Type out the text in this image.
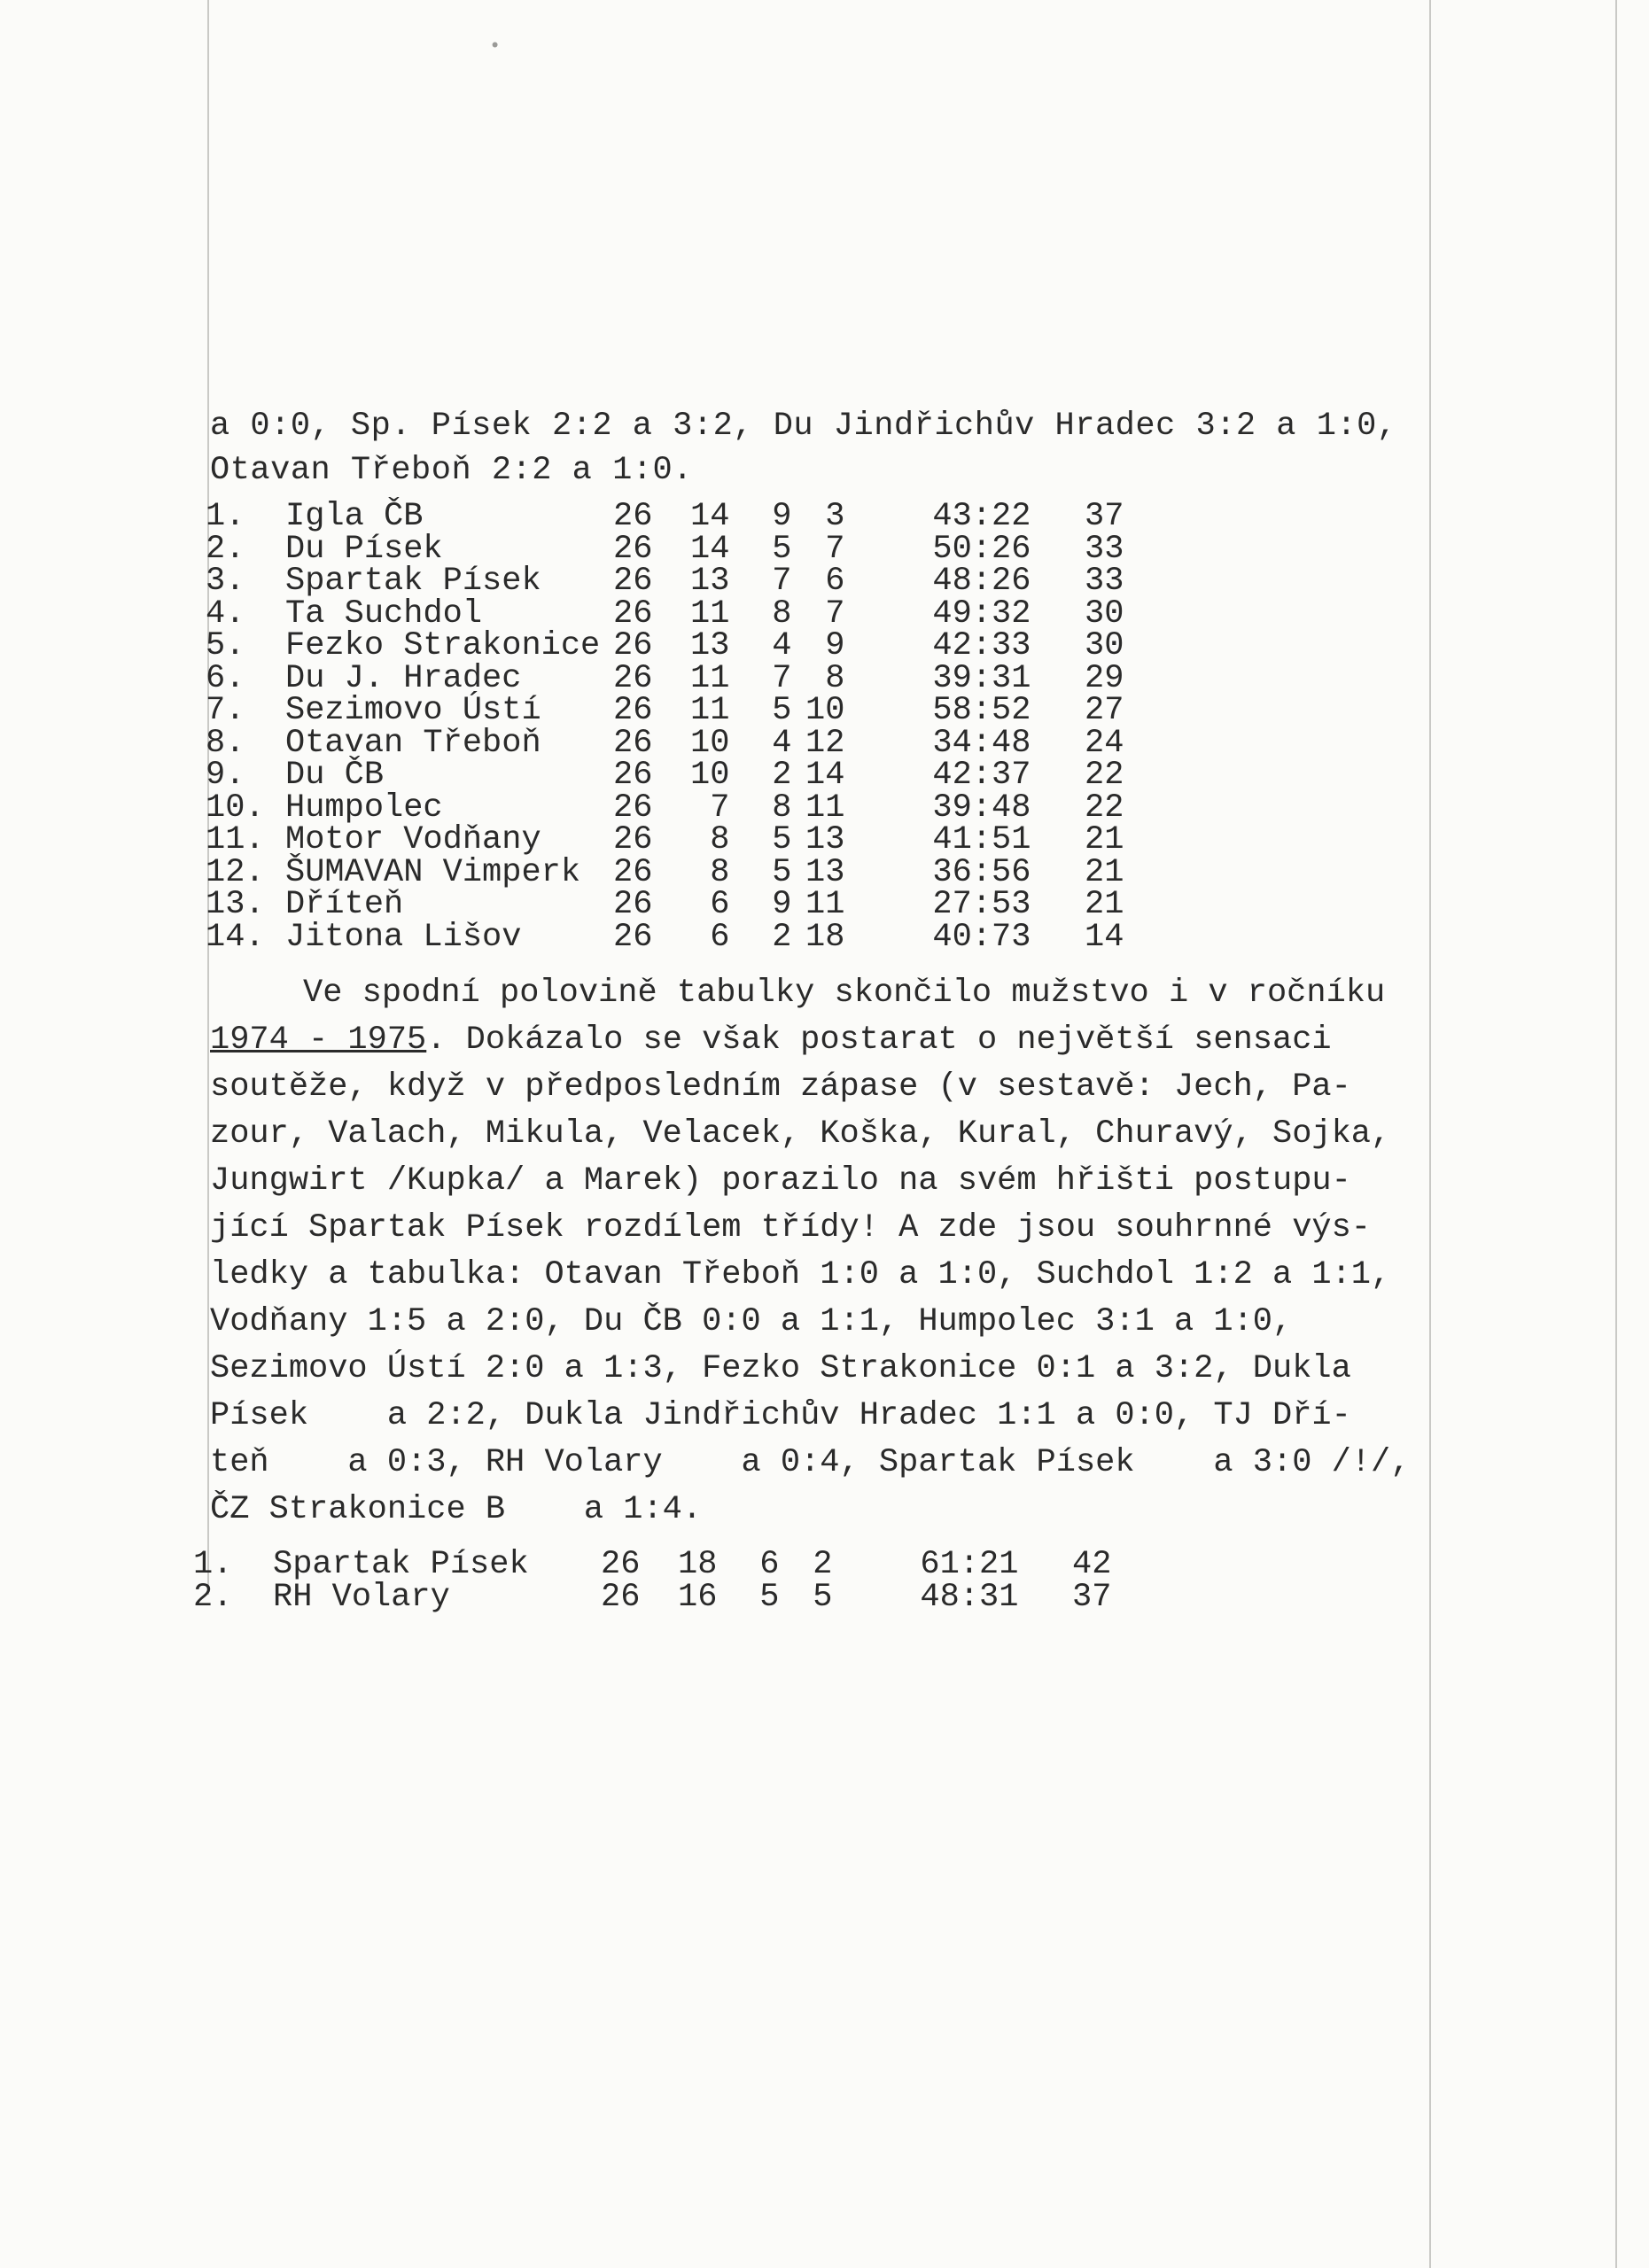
•
a 0:0, Sp. Písek 2:2 a 3:2, Du Jindřichův Hradec 3:2 a 1:0,
Otavan Třeboň 2:2 a 1:0.
1.	Igla ČB	26	14	9	3	43:22	37
2.	Du Písek	26	14	5	7	50:26	33
3.	Spartak Písek	26	13	7	6	48:26	33
4.	Ta Suchdol	26	11	8	7	49:32	30
5.	Fezko Strakonice	26	13	4	9	42:33	30
6.	Du J. Hradec	26	11	7	8	39:31	29
7.	Sezimovo Ústí	26	11	5	10	58:52	27
8.	Otavan Třeboň	26	10	4	12	34:48	24
9.	Du ČB	26	10	2	14	42:37	22
10.	Humpolec	26	7	8	11	39:48	22
11.	Motor Vodňany	26	8	5	13	41:51	21
12.	ŠUMAVAN Vimperk	26	8	5	13	36:56	21
13.	Dříteň	26	6	9	11	27:53	21
14.	Jitona Lišov	26	6	2	18	40:73	14
Ve spodní polovině tabulky skončilo mužstvo i v ročníku
1974 - 1975. Dokázalo se však postarat o největší sensaci
soutěže, když v předposledním zápase (v sestavě: Jech, Pa-
zour, Valach, Mikula, Velacek, Koška, Kural, Churavý, Sojka,
Jungwirt /Kupka/ a Marek) porazilo na svém hřišti postupu-
jící Spartak Písek rozdílem třídy! A zde jsou souhrnné výs-
ledky a tabulka: Otavan Třeboň 1:0 a 1:0, Suchdol 1:2 a 1:1,
Vodňany 1:5 a 2:0, Du ČB 0:0 a 1:1, Humpolec 3:1 a 1:0,
Sezimovo Ústí 2:0 a 1:3, Fezko Strakonice 0:1 a 3:2, Dukla
Písek    a 2:2, Dukla Jindřichův Hradec 1:1 a 0:0, TJ Dří-
teň    a 0:3, RH Volary    a 0:4, Spartak Písek    a 3:0 /!/,
ČZ Strakonice B    a 1:4.
1.	Spartak Písek	26	18	6	2	61:21	42
2.	RH Volary	26	16	5	5	48:31	37
